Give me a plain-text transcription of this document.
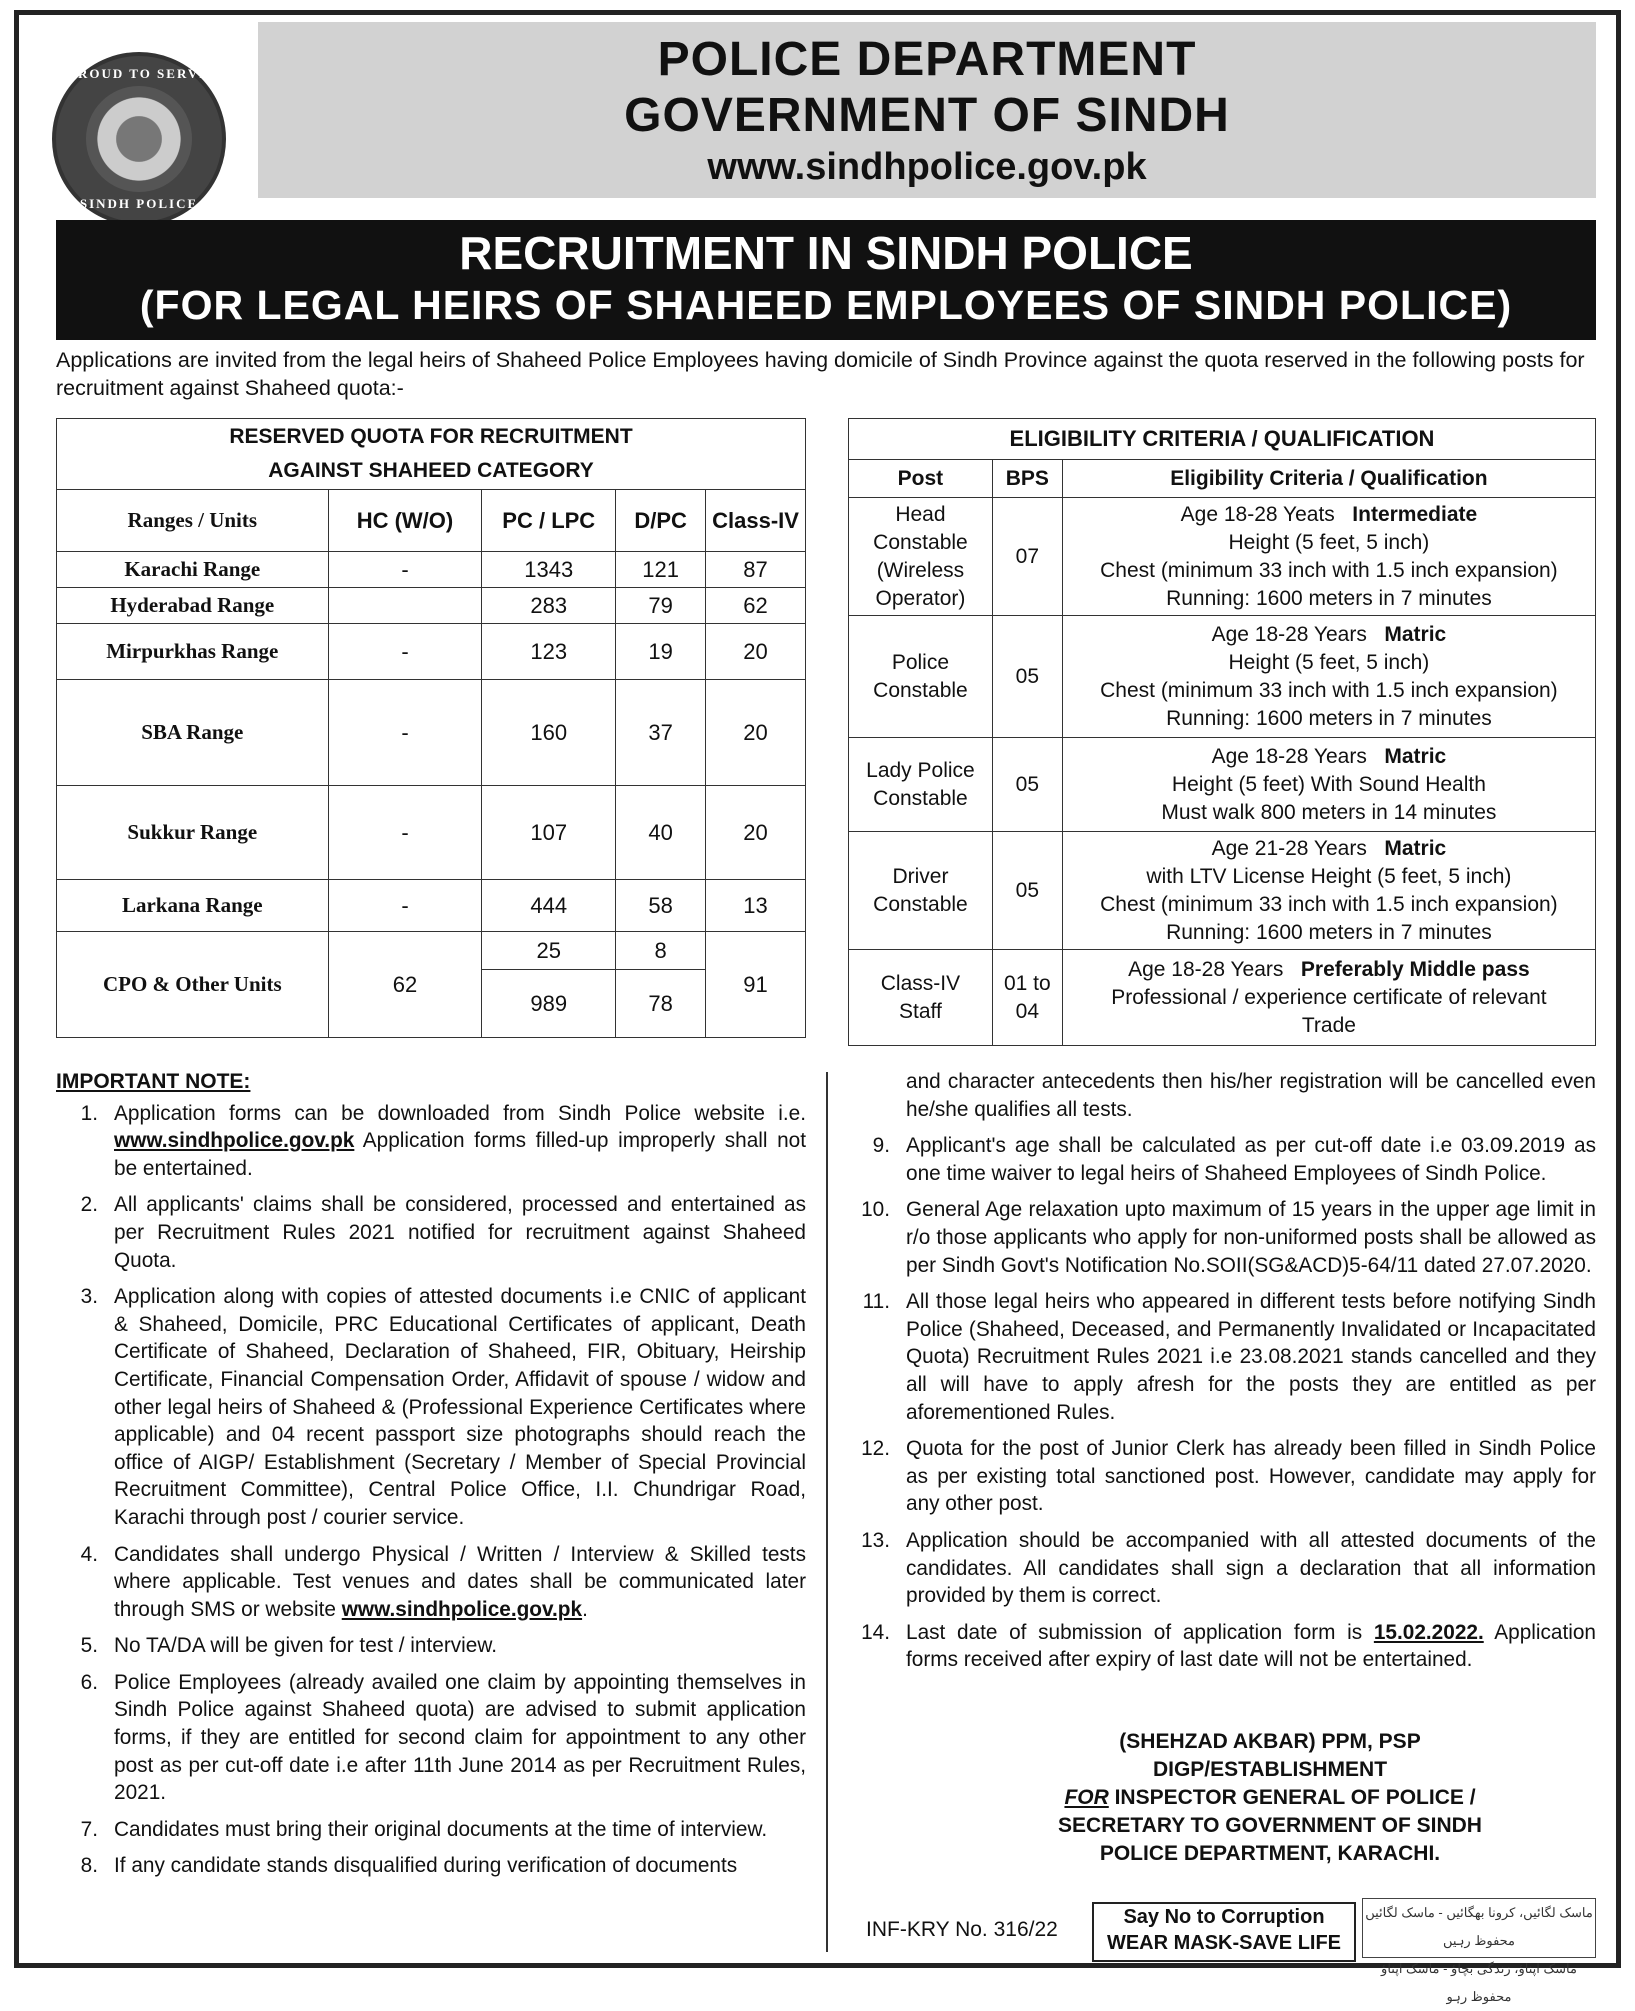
PROUD TO SERVE
SINDH POLICE
POLICE DEPARTMENT
GOVERNMENT OF SINDH
www.sindhpolice.gov.pk
RECRUITMENT IN SINDH POLICE
(FOR LEGAL HEIRS OF SHAHEED EMPLOYEES OF SINDH POLICE)
Applications are invited from the legal heirs of Shaheed Police Employees having domicile of Sindh Province against the quota reserved in the following posts for recruitment against Shaheed quota:-
RESERVED QUOTA FOR RECRUITMENT
AGAINST SHAHEED CATEGORY				
Ranges / Units	HC (W/O)	PC / LPC	D/PC	Class-IV
Karachi Range	-	1343	121	87
Hyderabad Range		283	79	62
Mirpurkhas Range	-	123	19	20
SBA Range	-	160	37	20
Sukkur Range	-	107	40	20
Larkana Range	-	444	58	13
CPO & Other Units	62	25	8	91
		989	78	
ELIGIBILITY CRITERIA / QUALIFICATION		
Post	BPS	Eligibility Criteria / Qualification
Head
Constable
(Wireless
Operator)	07	Age 18-28 Yeats Intermediate
Height (5 feet, 5 inch)
Chest (minimum 33 inch with 1.5 inch expansion)
Running: 1600 meters in 7 minutes
Police
Constable	05	Age 18-28 Years Matric
Height (5 feet, 5 inch)
Chest (minimum 33 inch with 1.5 inch expansion)
Running: 1600 meters in 7 minutes
Lady Police
Constable	05	Age 18-28 Years Matric
Height (5 feet) With Sound Health
Must walk 800 meters in 14 minutes
Driver
Constable	05	Age 21-28 Years Matric
with LTV License Height (5 feet, 5 inch)
Chest (minimum 33 inch with 1.5 inch expansion)
Running: 1600 meters in 7 minutes
Class-IV
Staff	01 to 04	Age 18-28 Years Preferably Middle pass
Professional / experience certificate of relevant
Trade
IMPORTANT NOTE:
1. Application forms can be downloaded from Sindh Police website i.e. www.sindhpolice.gov.pk Application forms filled-up improperly shall not be entertained.
2. All applicants' claims shall be considered, processed and entertained as per Recruitment Rules 2021 notified for recruitment against Shaheed Quota.
3. Application along with copies of attested documents i.e CNIC of applicant & Shaheed, Domicile, PRC Educational Certificates of applicant, Death Certificate of Shaheed, Declaration of Shaheed, FIR, Obituary, Heirship Certificate, Financial Compensation Order, Affidavit of spouse / widow and other legal heirs of Shaheed & (Professional Experience Certificates where applicable) and 04 recent passport size photographs should reach the office of AIGP/ Establishment (Secretary / Member of Special Provincial Recruitment Committee), Central Police Office, I.I. Chundrigar Road, Karachi through post / courier service.
4. Candidates shall undergo Physical / Written / Interview & Skilled tests where applicable. Test venues and dates shall be communicated later through SMS or website www.sindhpolice.gov.pk.
5. No TA/DA will be given for test / interview.
6. Police Employees (already availed one claim by appointing themselves in Sindh Police against Shaheed quota) are advised to submit application forms, if they are entitled for second claim for appointment to any other post as per cut-off date i.e after 11th June 2014 as per Recruitment Rules, 2021.
7. Candidates must bring their original documents at the time of interview.
8. If any candidate stands disqualified during verification of documents
and character antecedents then his/her registration will be cancelled even he/she qualifies all tests.
9. Applicant's age shall be calculated as per cut-off date i.e 03.09.2019 as one time waiver to legal heirs of Shaheed Employees of Sindh Police.
10. General Age relaxation upto maximum of 15 years in the upper age limit in r/o those applicants who apply for non-uniformed posts shall be allowed as per Sindh Govt's Notification No.SOII(SG&ACD)5-64/11 dated 27.07.2020.
11. All those legal heirs who appeared in different tests before notifying Sindh Police (Shaheed, Deceased, and Permanently Invalidated or Incapacitated Quota) Recruitment Rules 2021 i.e 23.08.2021 stands cancelled and they all will have to apply afresh for the posts they are entitled as per aforementioned Rules.
12. Quota for the post of Junior Clerk has already been filled in Sindh Police as per existing total sanctioned post. However, candidate may apply for any other post.
13. Application should be accompanied with all attested documents of the candidates. All candidates shall sign a declaration that all information provided by them is correct.
14. Last date of submission of application form is 15.02.2022. Application forms received after expiry of last date will not be entertained.
(SHEHZAD AKBAR) PPM, PSP
DIGP/ESTABLISHMENT
FOR INSPECTOR GENERAL OF POLICE /
SECRETARY TO GOVERNMENT OF SINDH
POLICE DEPARTMENT, KARACHI.
INF-KRY No. 316/22
Say No to Corruption
WEAR MASK-SAVE LIFE
ماسک لگائیں، کرونا بھگائیں - ماسک لگائیں محفوظ رہیں
ماسک اپناؤ، زندگی بچاؤ - ماسک اپناؤ محفوظ رہو
